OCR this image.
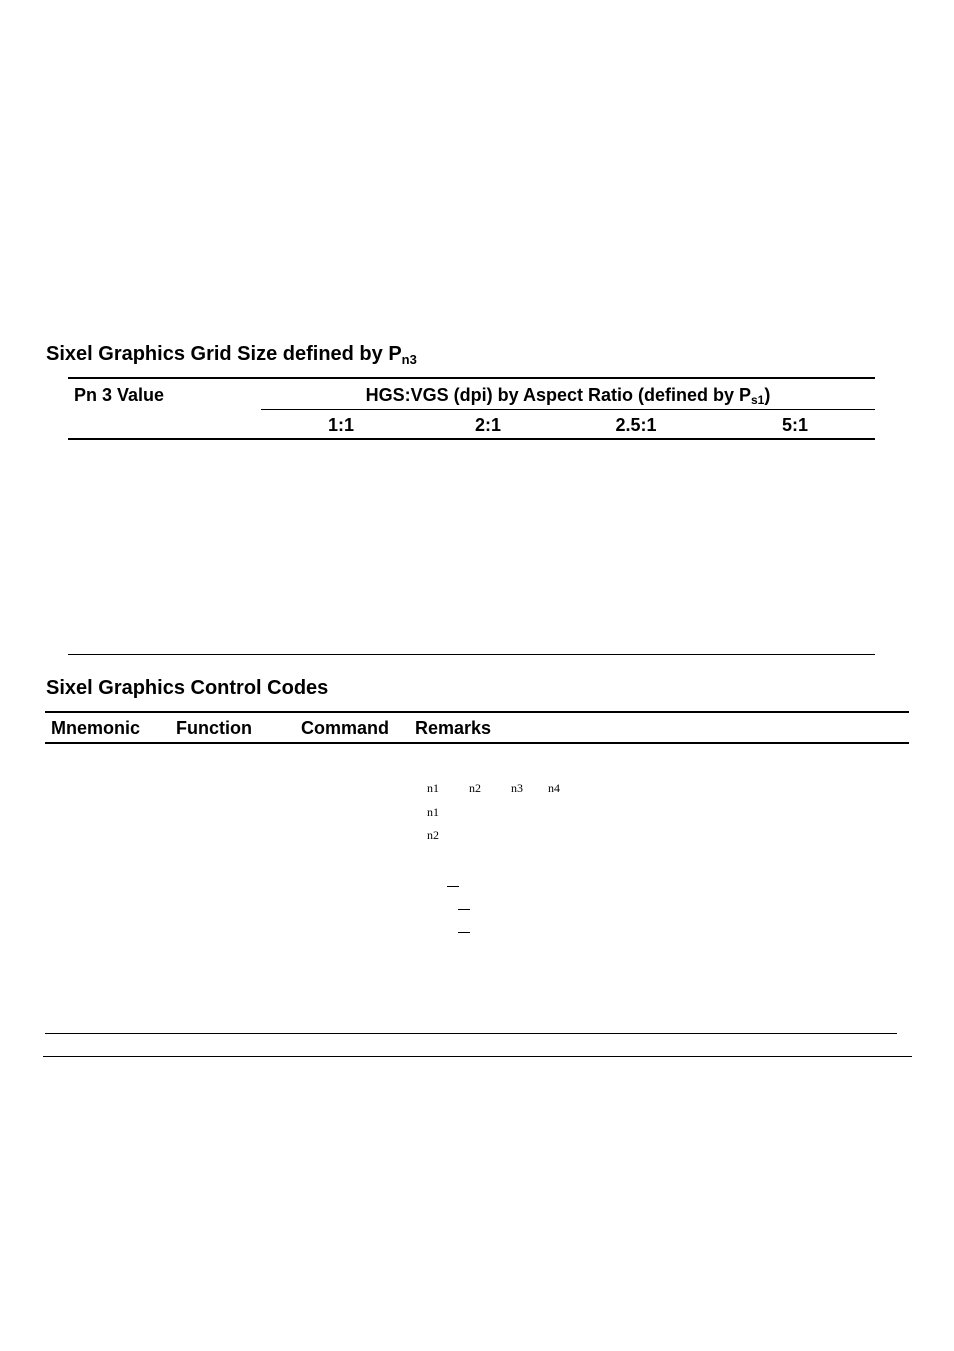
Sixel Graphics Grid Size defined by $P_{n3}$
Pn 3 Value	HGS:VGS (dpi) by Aspect Ratio (defined by $P_{s1}$)
1:1	2:1	2.5:1	5:1
Sixel Graphics Control Codes
Mnemonic Function	Command Remarks
n1	n2	n3 n4
n1
n2
